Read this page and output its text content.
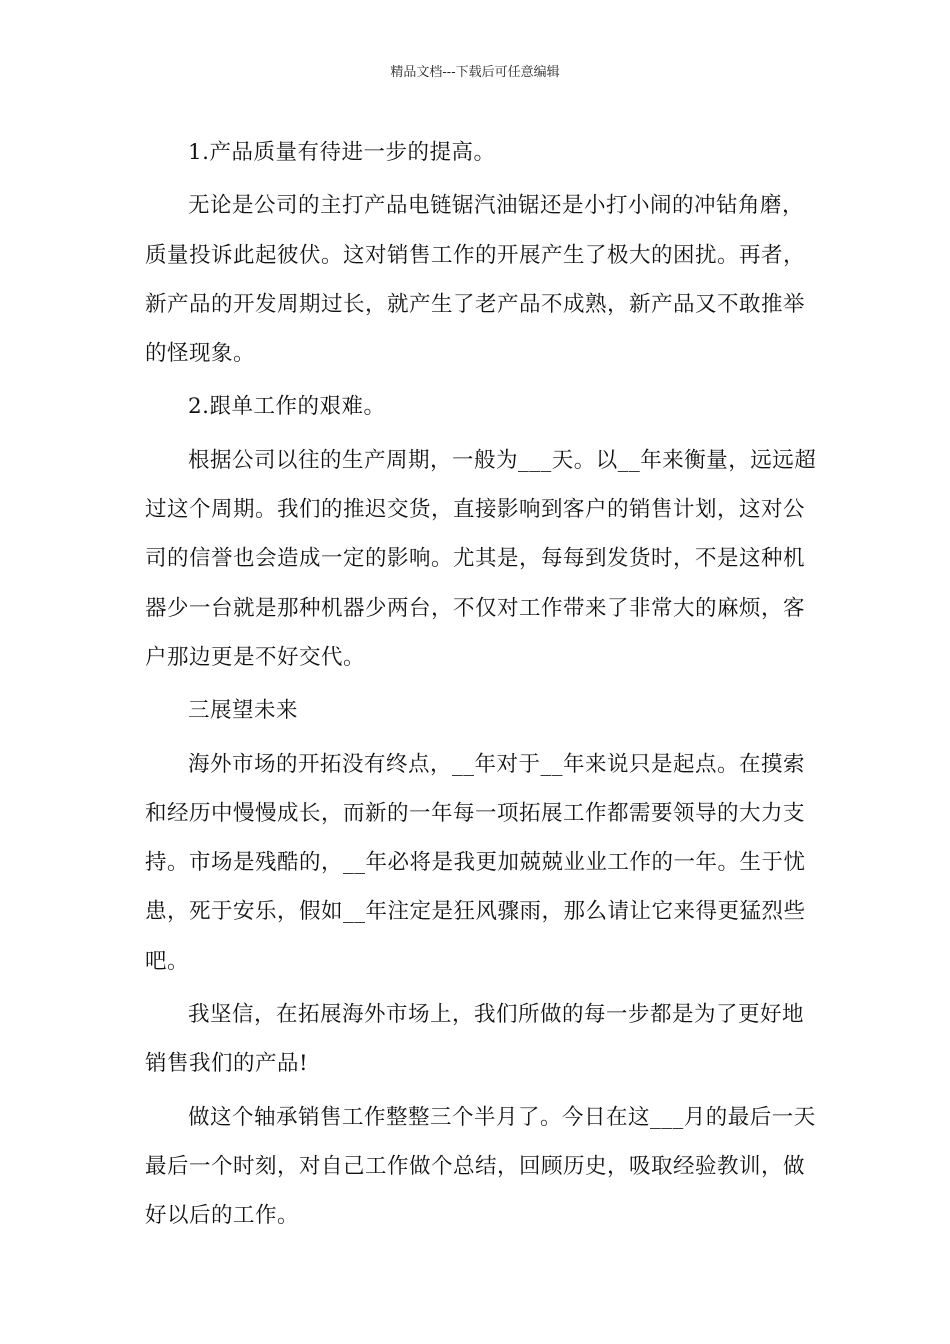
精品文档---下载后可任意编辑

1.产品质量有待进一步的提高。

无论是公司的主打产品电链锯汽油锯还是小打小闹的冲钻角磨，质量投诉此起彼伏。这对销售工作的开展产生了极大的困扰。再者，新产品的开发周期过长，就产生了老产品不成熟，新产品又不敢推举的怪现象。

2.跟单工作的艰难。

根据公司以往的生产周期，一般为___天。以__年来衡量，远远超过这个周期。我们的推迟交货，直接影响到客户的销售计划，这对公司的信誉也会造成一定的影响。尤其是，每每到发货时，不是这种机器少一台就是那种机器少两台，不仅对工作带来了非常大的麻烦，客户那边更是不好交代。

三展望未来

海外市场的开拓没有终点，__年对于__年来说只是起点。在摸索和经历中慢慢成长，而新的一年每一项拓展工作都需要领导的大力支持。市场是残酷的，__年必将是我更加兢兢业业工作的一年。生于忧患，死于安乐，假如__年注定是狂风骤雨，那么请让它来得更猛烈些吧。

我坚信，在拓展海外市场上，我们所做的每一步都是为了更好地销售我们的产品!

做这个轴承销售工作整整三个半月了。今日在这___月的最后一天最后一个时刻，对自己工作做个总结，回顾历史，吸取经验教训，做好以后的工作。
